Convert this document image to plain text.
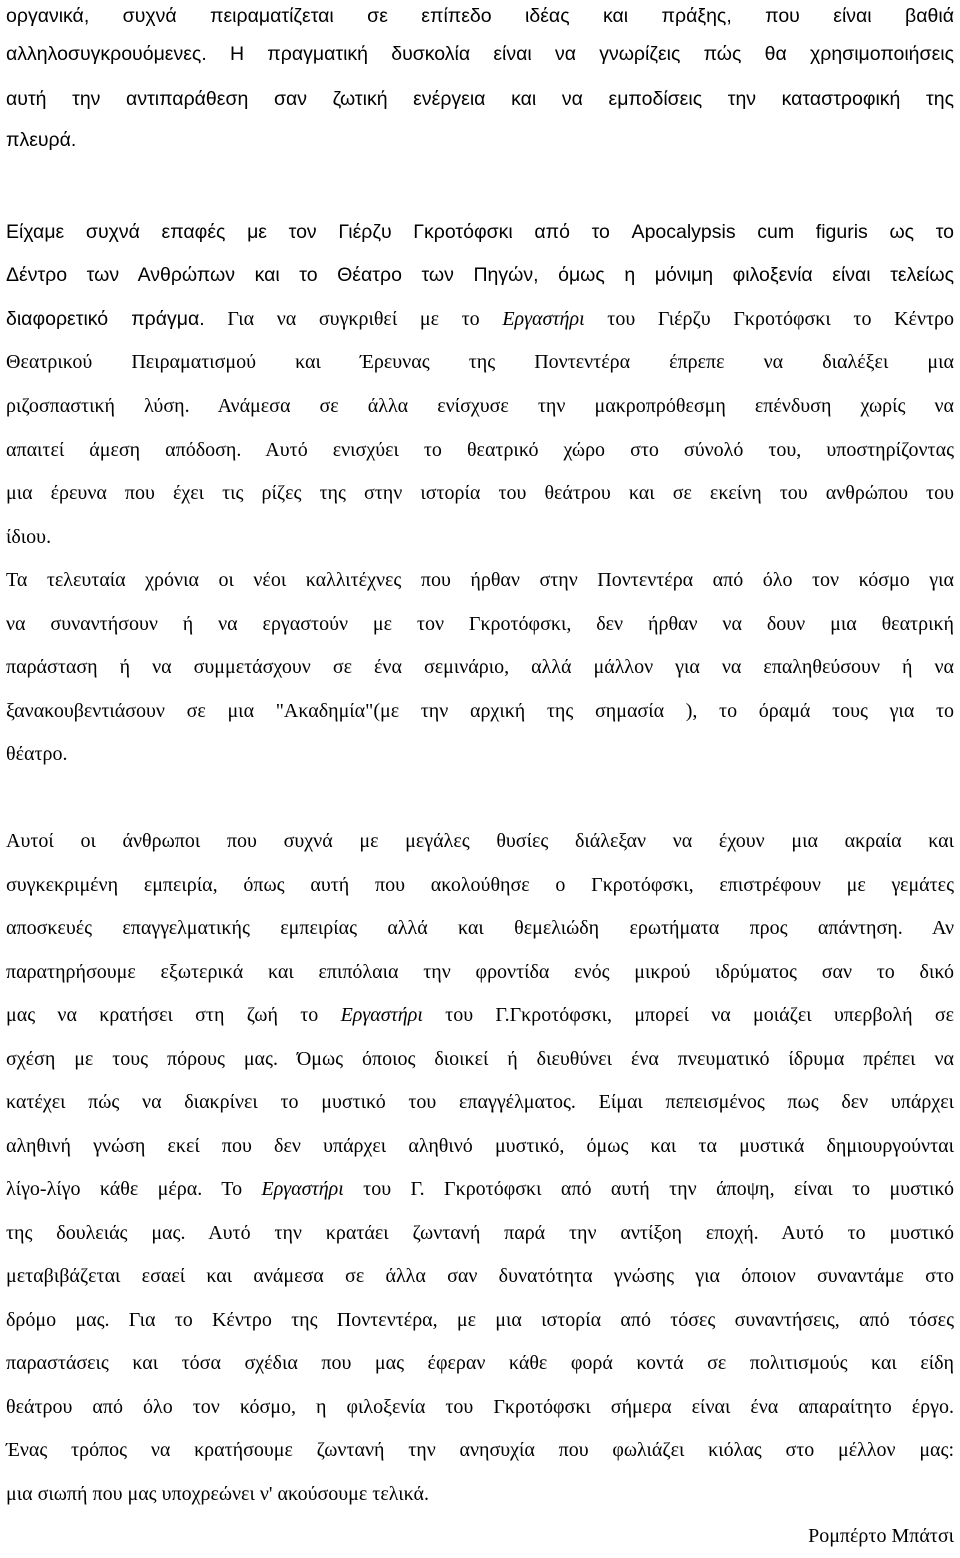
οργανικά, συχνά πειραματίζεται σε επίπεδο ιδέας και πράξης, που είναι βαθιά
αλληλοσυγκρουόμενες. Η πραγματική δυσκολία είναι να γνωρίζεις πώς θα χρησιμοποιήσεις
αυτή την αντιπαράθεση σαν ζωτική ενέργεια και να εμποδίσεις την καταστροφική της
πλευρά.
Είχαμε συχνά επαφές με τον Γιέρζυ Γκροτόφσκι από το Apocalypsis cum figuris ως το
Δέντρο των Ανθρώπων και το Θέατρο των Πηγών, όμως η μόνιμη φιλοξενία είναι τελείως
διαφορετικό πράγμα. Για να συγκριθεί με το Εργαστήρι του Γιέρζυ Γκροτόφσκι το Κέντρο
Θεατρικού Πειραματισμού και Έρευνας της Ποντεντέρα έπρεπε να διαλέξει μια
ριζοσπαστική λύση. Ανάμεσα σε άλλα ενίσχυσε την μακροπρόθεσμη επένδυση χωρίς να
απαιτεί άμεση απόδοση. Αυτό ενισχύει το θεατρικό χώρο στο σύνολό του, υποστηρίζοντας
μια έρευνα που έχει τις ρίζες της στην ιστορία του θεάτρου και σε εκείνη του ανθρώπου του
ίδιου.
Τα τελευταία χρόνια οι νέοι καλλιτέχνες που ήρθαν στην Ποντεντέρα από όλο τον κόσμο για
να συναντήσουν ή να εργαστούν με τον Γκροτόφσκι, δεν ήρθαν να δουν μια θεατρική
παράσταση ή να συμμετάσχουν σε ένα σεμινάριο, αλλά μάλλον για να επαληθεύσουν ή να
ξανακουβεντιάσουν σε μια "Ακαδημία"(με την αρχική της σημασία ), το όραμά τους για το
θέατρο.
Αυτοί οι άνθρωποι που συχνά με μεγάλες θυσίες διάλεξαν να έχουν μια ακραία και
συγκεκριμένη εμπειρία, όπως αυτή που ακολούθησε ο Γκροτόφσκι, επιστρέφουν με γεμάτες
αποσκευές επαγγελματικής εμπειρίας αλλά και θεμελιώδη ερωτήματα προς απάντηση. Αν
παρατηρήσουμε εξωτερικά και επιπόλαια την φροντίδα ενός μικρού ιδρύματος σαν το δικό
μας να κρατήσει στη ζωή το Εργαστήρι του Γ.Γκροτόφσκι, μπορεί να μοιάζει υπερβολή σε
σχέση με τους πόρους μας. Όμως όποιος διοικεί ή διευθύνει ένα πνευματικό ίδρυμα πρέπει να
κατέχει πώς να διακρίνει το μυστικό του επαγγέλματος. Είμαι πεπεισμένος πως δεν υπάρχει
αληθινή γνώση εκεί που δεν υπάρχει αληθινό μυστικό, όμως και τα μυστικά δημιουργούνται
λίγο-λίγο κάθε μέρα. Το Εργαστήρι του Γ. Γκροτόφσκι από αυτή την άποψη, είναι το μυστικό
της δουλειάς μας. Αυτό την κρατάει ζωντανή παρά την αντίξοη εποχή. Αυτό το μυστικό
μεταβιβάζεται εσαεί και ανάμεσα σε άλλα σαν δυνατότητα γνώσης για όποιον συναντάμε στο
δρόμο μας. Για το Κέντρο της Ποντεντέρα, με μια ιστορία από τόσες συναντήσεις, από τόσες
παραστάσεις και τόσα σχέδια που μας έφεραν κάθε φορά κοντά σε πολιτισμούς και είδη
θεάτρου από όλο τον κόσμο, η φιλοξενία του Γκροτόφσκι σήμερα είναι ένα απαραίτητο έργο.
Ένας τρόπος να κρατήσουμε ζωντανή την ανησυχία που φωλιάζει κιόλας στο μέλλον μας:
μια σιωπή που μας υποχρεώνει ν' ακούσουμε τελικά.
Ρομπέρτο Μπάτσι
